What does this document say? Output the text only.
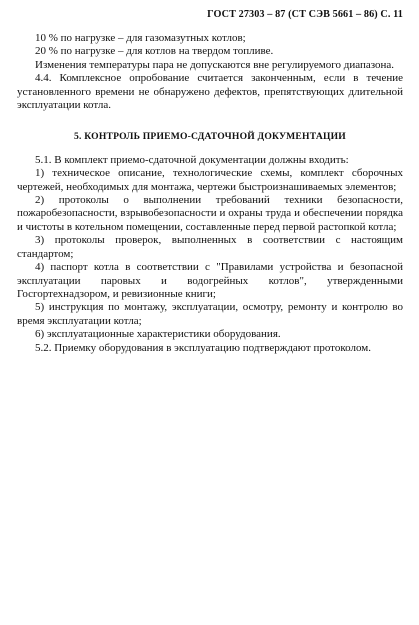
ГОСТ 27303 – 87 (СТ СЭВ 5661 – 86) С. 11

10 % по нагрузке – для газомазутных котлов;

20 % по нагрузке – для котлов на твердом топливе.

Изменения температуры пара не допускаются вне регулируемого диапазона.

4.4. Комплексное опробование считается законченным, если в течение установленного времени не обнаружено дефектов, препятствующих длительной эксплуатации котла.

5. КОНТРОЛЬ ПРИЕМО-СДАТОЧНОЙ ДОКУМЕНТАЦИИ

5.1. В комплект приемо-сдаточной документации должны входить:

1) техническое описание, технологические схемы, комплект сборочных чертежей, необходимых для монтажа, чертежи быстроизнашиваемых элементов;

2) протоколы о выполнении требований техники безопасности, пожаробезопасности, взрывобезопасности и охраны труда и обеспечении порядка и чистоты в котельном помещении, составленные перед первой растопкой котла;

3) протоколы проверок, выполненных в соответствии с настоящим стандартом;

4) паспорт котла в соответствии с "Правилами устройства и безопасной эксплуатации паровых и водогрейных котлов", утвержденными Госгортехнадзором, и ревизионные книги;

5) инструкция по монтажу, эксплуатации, осмотру, ремонту и контролю во время эксплуатации котла;

6) эксплуатационные характеристики оборудования.

5.2. Приемку оборудования в эксплуатацию подтверждают протоколом.
